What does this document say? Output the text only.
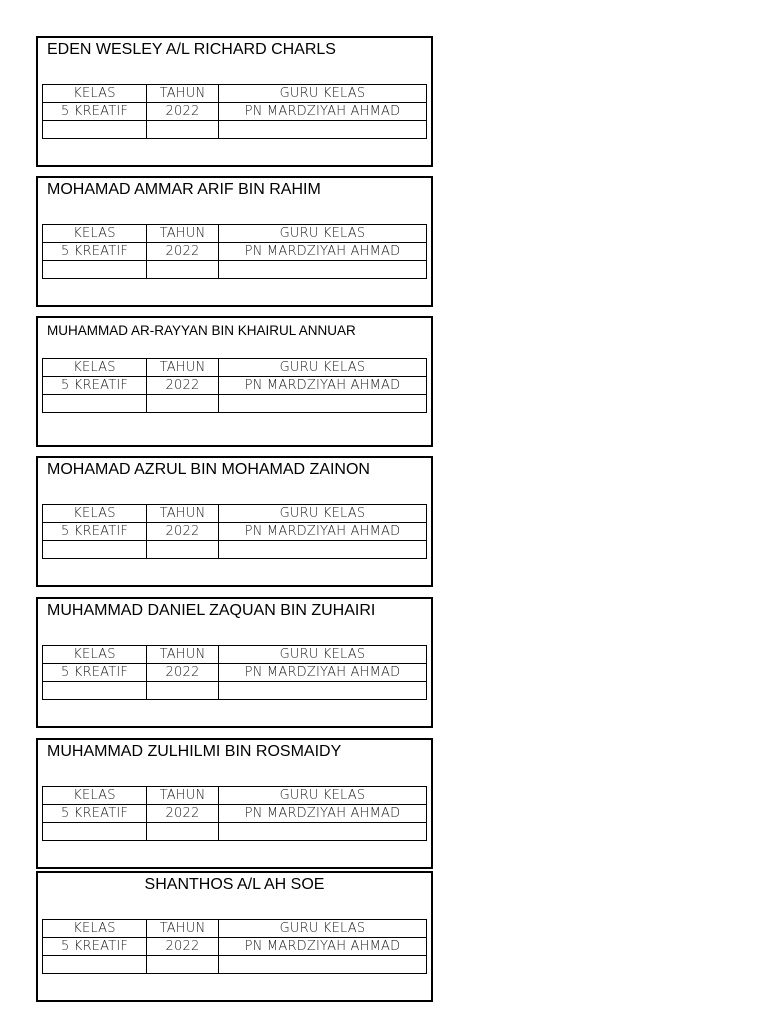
EDEN WESLEY A/L RICHARD CHARLS
KELAS	TAHUN	GURU KELAS
5 KREATIF	2022	PN MARDZIYAH AHMAD

MOHAMAD AMMAR ARIF BIN RAHIM
KELAS	TAHUN	GURU KELAS
5 KREATIF	2022	PN MARDZIYAH AHMAD

MUHAMMAD AR-RAYYAN BIN KHAIRUL ANNUAR
KELAS	TAHUN	GURU KELAS
5 KREATIF	2022	PN MARDZIYAH AHMAD

MOHAMAD AZRUL BIN MOHAMAD ZAINON
KELAS	TAHUN	GURU KELAS
5 KREATIF	2022	PN MARDZIYAH AHMAD

MUHAMMAD DANIEL ZAQUAN BIN ZUHAIRI
KELAS	TAHUN	GURU KELAS
5 KREATIF	2022	PN MARDZIYAH AHMAD

MUHAMMAD ZULHILMI BIN ROSMAIDY
KELAS	TAHUN	GURU KELAS
5 KREATIF	2022	PN MARDZIYAH AHMAD

SHANTHOS A/L AH SOE
KELAS	TAHUN	GURU KELAS
5 KREATIF	2022	PN MARDZIYAH AHMAD
